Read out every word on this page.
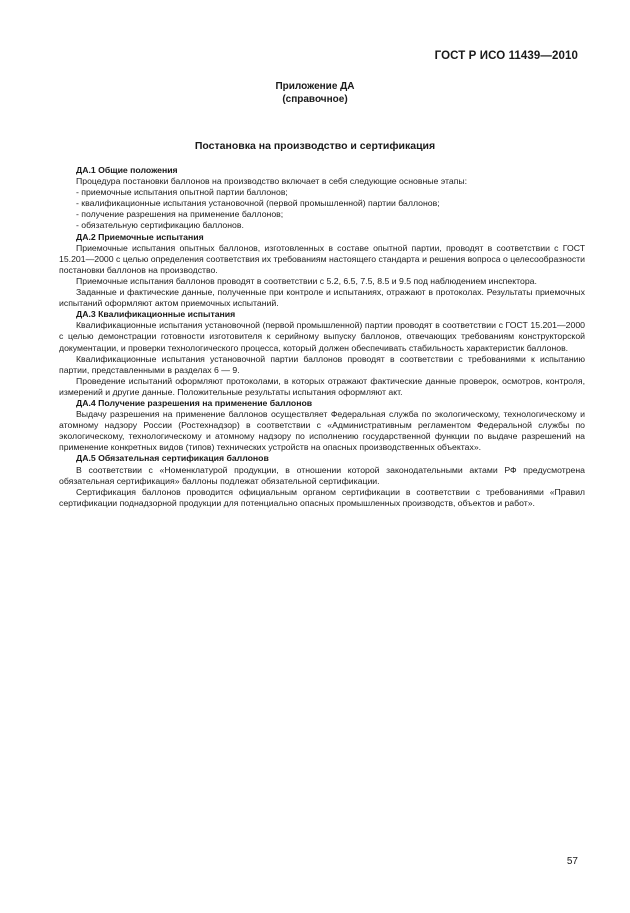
ГОСТ Р ИСО 11439—2010
Приложение ДА
(справочное)
Постановка на производство и сертификация

ДА.1 Общие положения

Процедура постановки баллонов на производство включает в себя следующие основные этапы:

- приемочные испытания опытной партии баллонов;

- квалификационные испытания установочной (первой промышленной) партии баллонов;

- получение разрешения на применение баллонов;

- обязательную сертификацию баллонов.

ДА.2 Приемочные испытания

Приемочные испытания опытных баллонов, изготовленных в составе опытной партии, проводят в соответствии с ГОСТ 15.201—2000 с целью определения соответствия их требованиям настоящего стандарта и решения вопроса о целесообразности постановки баллонов на производство.

Приемочные испытания баллонов проводят в соответствии с 5.2, 6.5, 7.5, 8.5 и 9.5 под наблюдением инспектора.

Заданные и фактические данные, полученные при контроле и испытаниях, отражают в протоколах. Результаты приемочных испытаний оформляют актом приемочных испытаний.

ДА.3 Квалификационные испытания

Квалификационные испытания установочной (первой промышленной) партии проводят в соответствии с ГОСТ 15.201—2000 с целью демонстрации готовности изготовителя к серийному выпуску баллонов, отвечающих требованиям конструкторской документации, и проверки технологического процесса, который должен обеспечивать стабильность характеристик баллонов.

Квалификационные испытания установочной партии баллонов проводят в соответствии с требованиями к испытанию партии, представленными в разделах 6 — 9.

Проведение испытаний оформляют протоколами, в которых отражают фактические данные проверок, осмотров, контроля, измерений и другие данные. Положительные результаты испытания оформляют акт.

ДА.4 Получение разрешения на применение баллонов

Выдачу разрешения на применение баллонов осуществляет Федеральная служба по экологическому, технологическому и атомному надзору России (Ростехнадзор) в соответствии с «Административным регламентом Федеральной службы по экологическому, технологическому и атомному надзору по исполнению государственной функции по выдаче разрешений на применение конкретных видов (типов) технических устройств на опасных производственных объектах».

ДА.5 Обязательная сертификация баллонов

В соответствии с «Номенклатурой продукции, в отношении которой законодательными актами РФ предусмотрена обязательная сертификация» баллоны подлежат обязательной сертификации.

Сертификация баллонов проводится официальным органом сертификации в соответствии с требованиями «Правил сертификации поднадзорной продукции для потенциально опасных промышленных производств, объектов и работ».

57
